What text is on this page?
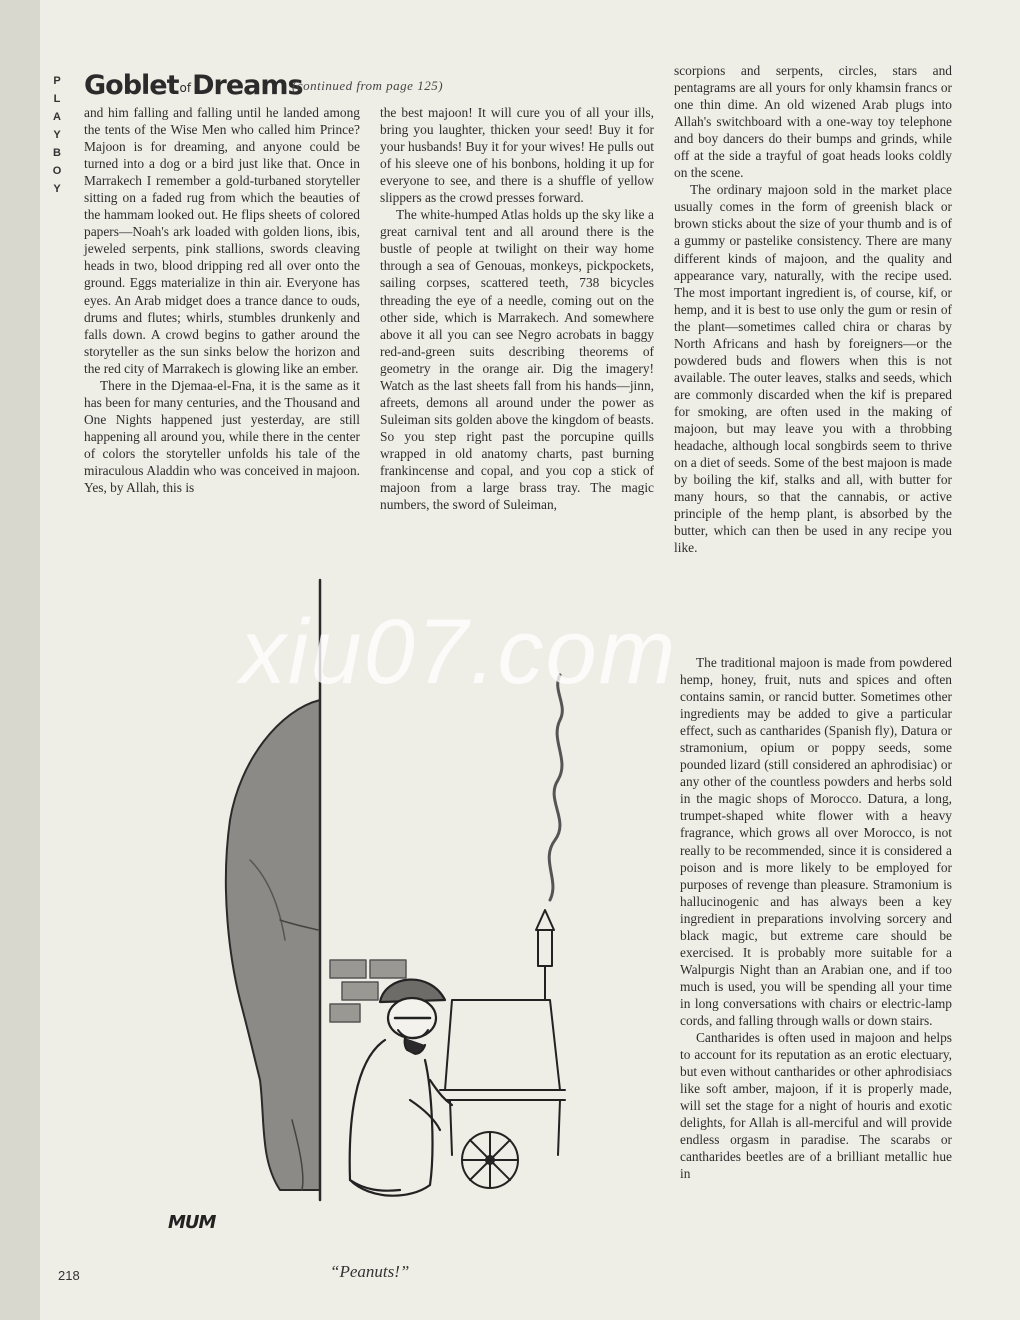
P
L
A
Y
B
O
Y
GobletofDreams
(continued from page 125)

and him falling and falling until he landed among the tents of the Wise Men who called him Prince? Majoon is for dreaming, and anyone could be turned into a dog or a bird just like that. Once in Marrakech I remember a gold-turbaned storyteller sitting on a faded rug from which the beauties of the hammam looked out. He flips sheets of colored papers—Noah's ark loaded with golden lions, ibis, jeweled serpents, pink stallions, swords cleaving heads in two, blood dripping red all over onto the ground. Eggs materialize in thin air. Everyone has eyes. An Arab midget does a trance dance to ouds, drums and flutes; whirls, stumbles drunkenly and falls down. A crowd begins to gather around the storyteller as the sun sinks below the horizon and the red city of Marrakech is glowing like an ember.

There in the Djemaa-el-Fna, it is the same as it has been for many centuries, and the Thousand and One Nights happened just yesterday, are still happening all around you, while there in the center of colors the storyteller unfolds his tale of the miraculous Aladdin who was conceived in majoon. Yes, by Allah, this is

the best majoon! It will cure you of all your ills, bring you laughter, thicken your seed! Buy it for your husbands! Buy it for your wives! He pulls out of his sleeve one of his bonbons, holding it up for everyone to see, and there is a shuffle of yellow slippers as the crowd presses forward.

The white-humped Atlas holds up the sky like a great carnival tent and all around there is the bustle of people at twilight on their way home through a sea of Genouas, monkeys, pickpockets, sailing corpses, scattered teeth, 738 bicycles threading the eye of a needle, coming out on the other side, which is Marrakech. And somewhere above it all you can see Negro acrobats in baggy red-and-green suits describing theorems of geometry in the orange air. Dig the imagery! Watch as the last sheets fall from his hands—jinn, afreets, demons all around under the power as Suleiman sits golden above the kingdom of beasts. So you step right past the porcupine quills wrapped in old anatomy charts, past burning frankincense and copal, and you cop a stick of majoon from a large brass tray. The magic numbers, the sword of Suleiman,

scorpions and serpents, circles, stars and pentagrams are all yours for only khamsin francs or one thin dime. An old wizened Arab plugs into Allah's switchboard with a one-way toy telephone and boy dancers do their bumps and grinds, while off at the side a trayful of goat heads looks coldly on the scene.

The ordinary majoon sold in the market place usually comes in the form of greenish black or brown sticks about the size of your thumb and is of a gummy or pastelike consistency. There are many different kinds of majoon, and the quality and appearance vary, naturally, with the recipe used. The most important ingredient is, of course, kif, or hemp, and it is best to use only the gum or resin of the plant—sometimes called chira or charas by North Africans and hash by foreigners—or the powdered buds and flowers when this is not available. The outer leaves, stalks and seeds, which are commonly discarded when the kif is prepared for smoking, are often used in the making of majoon, but may leave you with a throbbing headache, although local songbirds seem to thrive on a diet of seeds. Some of the best majoon is made by boiling the kif, stalks and all, with butter for many hours, so that the cannabis, or active principle of the hemp plant, is absorbed by the butter, which can then be used in any recipe you like.

The traditional majoon is made from powdered hemp, honey, fruit, nuts and spices and often contains samin, or rancid butter. Sometimes other ingredients may be added to give a particular effect, such as cantharides (Spanish fly), Datura or stramonium, opium or poppy seeds, some pounded lizard (still considered an aphrodisiac) or any other of the countless powders and herbs sold in the magic shops of Morocco. Datura, a long, trumpet-shaped white flower with a heavy fragrance, which grows all over Morocco, is not really to be recommended, since it is considered a poison and is more likely to be employed for purposes of revenge than pleasure. Stramonium is hallucinogenic and has always been a key ingredient in preparations involving sorcery and black magic, but extreme care should be exercised. It is probably more suitable for a Walpurgis Night than an Arabian one, and if too much is used, you will be spending all your time in long conversations with chairs or electric-lamp cords, and falling through walls or down stairs.

Cantharides is often used in majoon and helps to account for its reputation as an erotic electuary, but even without cantharides or other aphrodisiacs like soft amber, majoon, if it is properly made, will set the stage for a night of houris and exotic delights, for Allah is all-merciful and will provide endless orgasm in paradise. The scarabs or cantharides beetles are of a brilliant metallic hue in

MUM
“Peanuts!”
218
xiu07.com
